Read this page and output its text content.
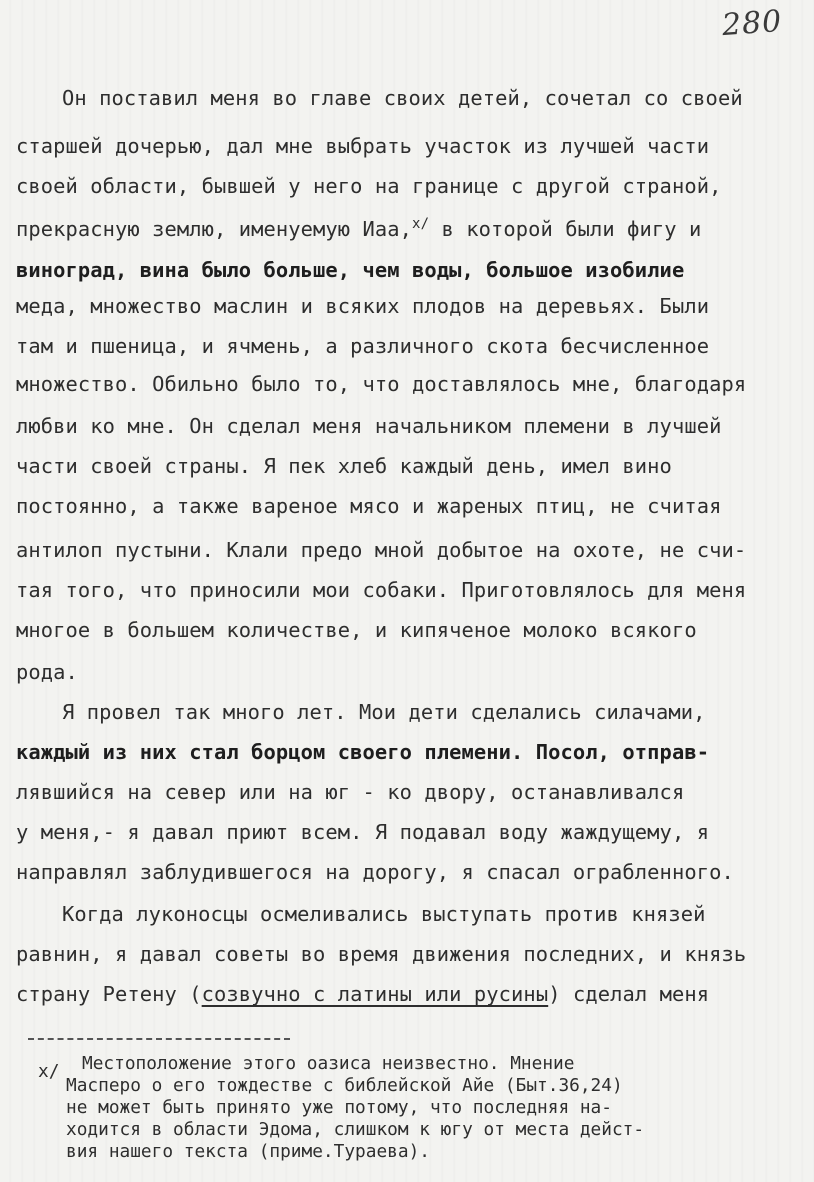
280
Он поставил меня во главе своих детей, сочетал со своей
старшей дочерью, дал мне выбрать участок из лучшей части
своей области, бывшей у него на границе с другой страной,
прекрасную землю, именуемую Иаа,$^{x/}$ в которой были фигу и
виноград, вина было больше, чем воды, большое изобилие
меда, множество маслин и всяких плодов на деревьях. Были
там и пшеница, и ячмень, а различного скота бесчисленное
множество. Обильно было то, что доставлялось мне, благодаря
любви ко мне. Он сделал меня начальником племени в лучшей
части своей страны. Я пек хлеб каждый день, имел вино
постоянно, а также вареное мясо и жареных птиц, не считая
антилоп пустыни. Клали предо мной добытое на охоте, не счи-
тая того, что приносили мои собаки. Приготовлялось для меня
многое в большем количестве, и кипяченое молоко всякого
рода.
Я провел так много лет. Мои дети сделались силачами,
каждый из них стал борцом своего племени. Посол, отправ-
лявшийся на север или на юг - ко двору, останавливался
у меня,- я давал приют всем. Я подавал воду жаждущему, я
направлял заблудившегося на дорогу, я спасал ограбленного.
Когда луконосцы осмеливались выступать против князей
равнин, я давал советы во время движения последних, и князь
страну Ретену (созвучно с латины или русины) сделал меня
x/ Местоположение этого оазиса неизвестно. Мнение
Масперо о его тождестве с библейской Айе (Быт.36,24)
не может быть принято уже потому, что последняя на-
ходится в области Эдома, слишком к югу от места дейст-
вия нашего текста (приме.Тураева).
